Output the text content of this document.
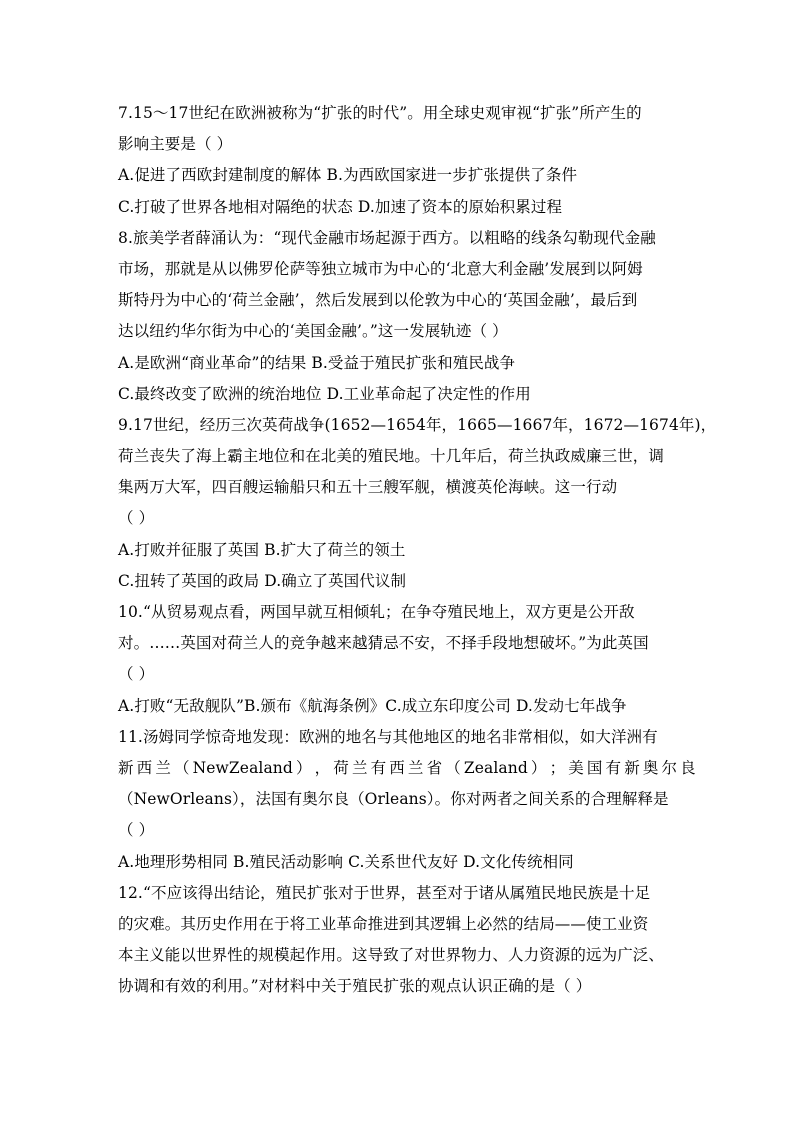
7.15～17世纪在欧洲被称为“扩张的时代”。用全球史观审视“扩张”所产生的
影响主要是（ ）
A.促进了西欧封建制度的解体 B.为西欧国家进一步扩张提供了条件
C.打破了世界各地相对隔绝的状态 D.加速了资本的原始积累过程
8.旅美学者薛涌认为：“现代金融市场起源于西方。以粗略的线条勾勒现代金融
市场，那就是从以佛罗伦萨等独立城市为中心的‘北意大利金融’发展到以阿姆
斯特丹为中心的‘荷兰金融’，然后发展到以伦敦为中心的‘英国金融’，最后到
达以纽约华尔街为中心的‘美国金融’。”这一发展轨迹（ ）
A.是欧洲“商业革命”的结果 B.受益于殖民扩张和殖民战争
C.最终改变了欧洲的统治地位 D.工业革命起了决定性的作用
9.17世纪，经历三次英荷战争(1652—1654年，1665—1667年，1672—1674年)，
荷兰丧失了海上霸主地位和在北美的殖民地。十几年后，荷兰执政威廉三世，调
集两万大军，四百艘运输船只和五十三艘军舰，横渡英伦海峡。这一行动
（ ）
A.打败并征服了英国 B.扩大了荷兰的领土
C.扭转了英国的政局 D.确立了英国代议制
10.“从贸易观点看，两国早就互相倾轧；在争夺殖民地上，双方更是公开敌
对。……英国对荷兰人的竞争越来越猜忌不安，不择手段地想破坏。”为此英国
（ ）
A.打败“无敌舰队”B.颁布《航海条例》C.成立东印度公司 D.发动七年战争
11.汤姆同学惊奇地发现：欧洲的地名与其他地区的地名非常相似，如大洋洲有
新 西 兰 （ NewZealand ） ， 荷 兰 有 西 兰 省 （ Zealand ） ； 美 国 有 新 奥 尔 良
（NewOrleans），法国有奥尔良（Orleans）。你对两者之间关系的合理解释是
（ ）
A.地理形势相同 B.殖民活动影响 C.关系世代友好 D.文化传统相同
12.“不应该得出结论，殖民扩张对于世界，甚至对于诸从属殖民地民族是十足
的灾难。其历史作用在于将工业革命推进到其逻辑上必然的结局——使工业资
本主义能以世界性的规模起作用。这导致了对世界物力、人力资源的远为广泛、
协调和有效的利用。”对材料中关于殖民扩张的观点认识正确的是（ ）
